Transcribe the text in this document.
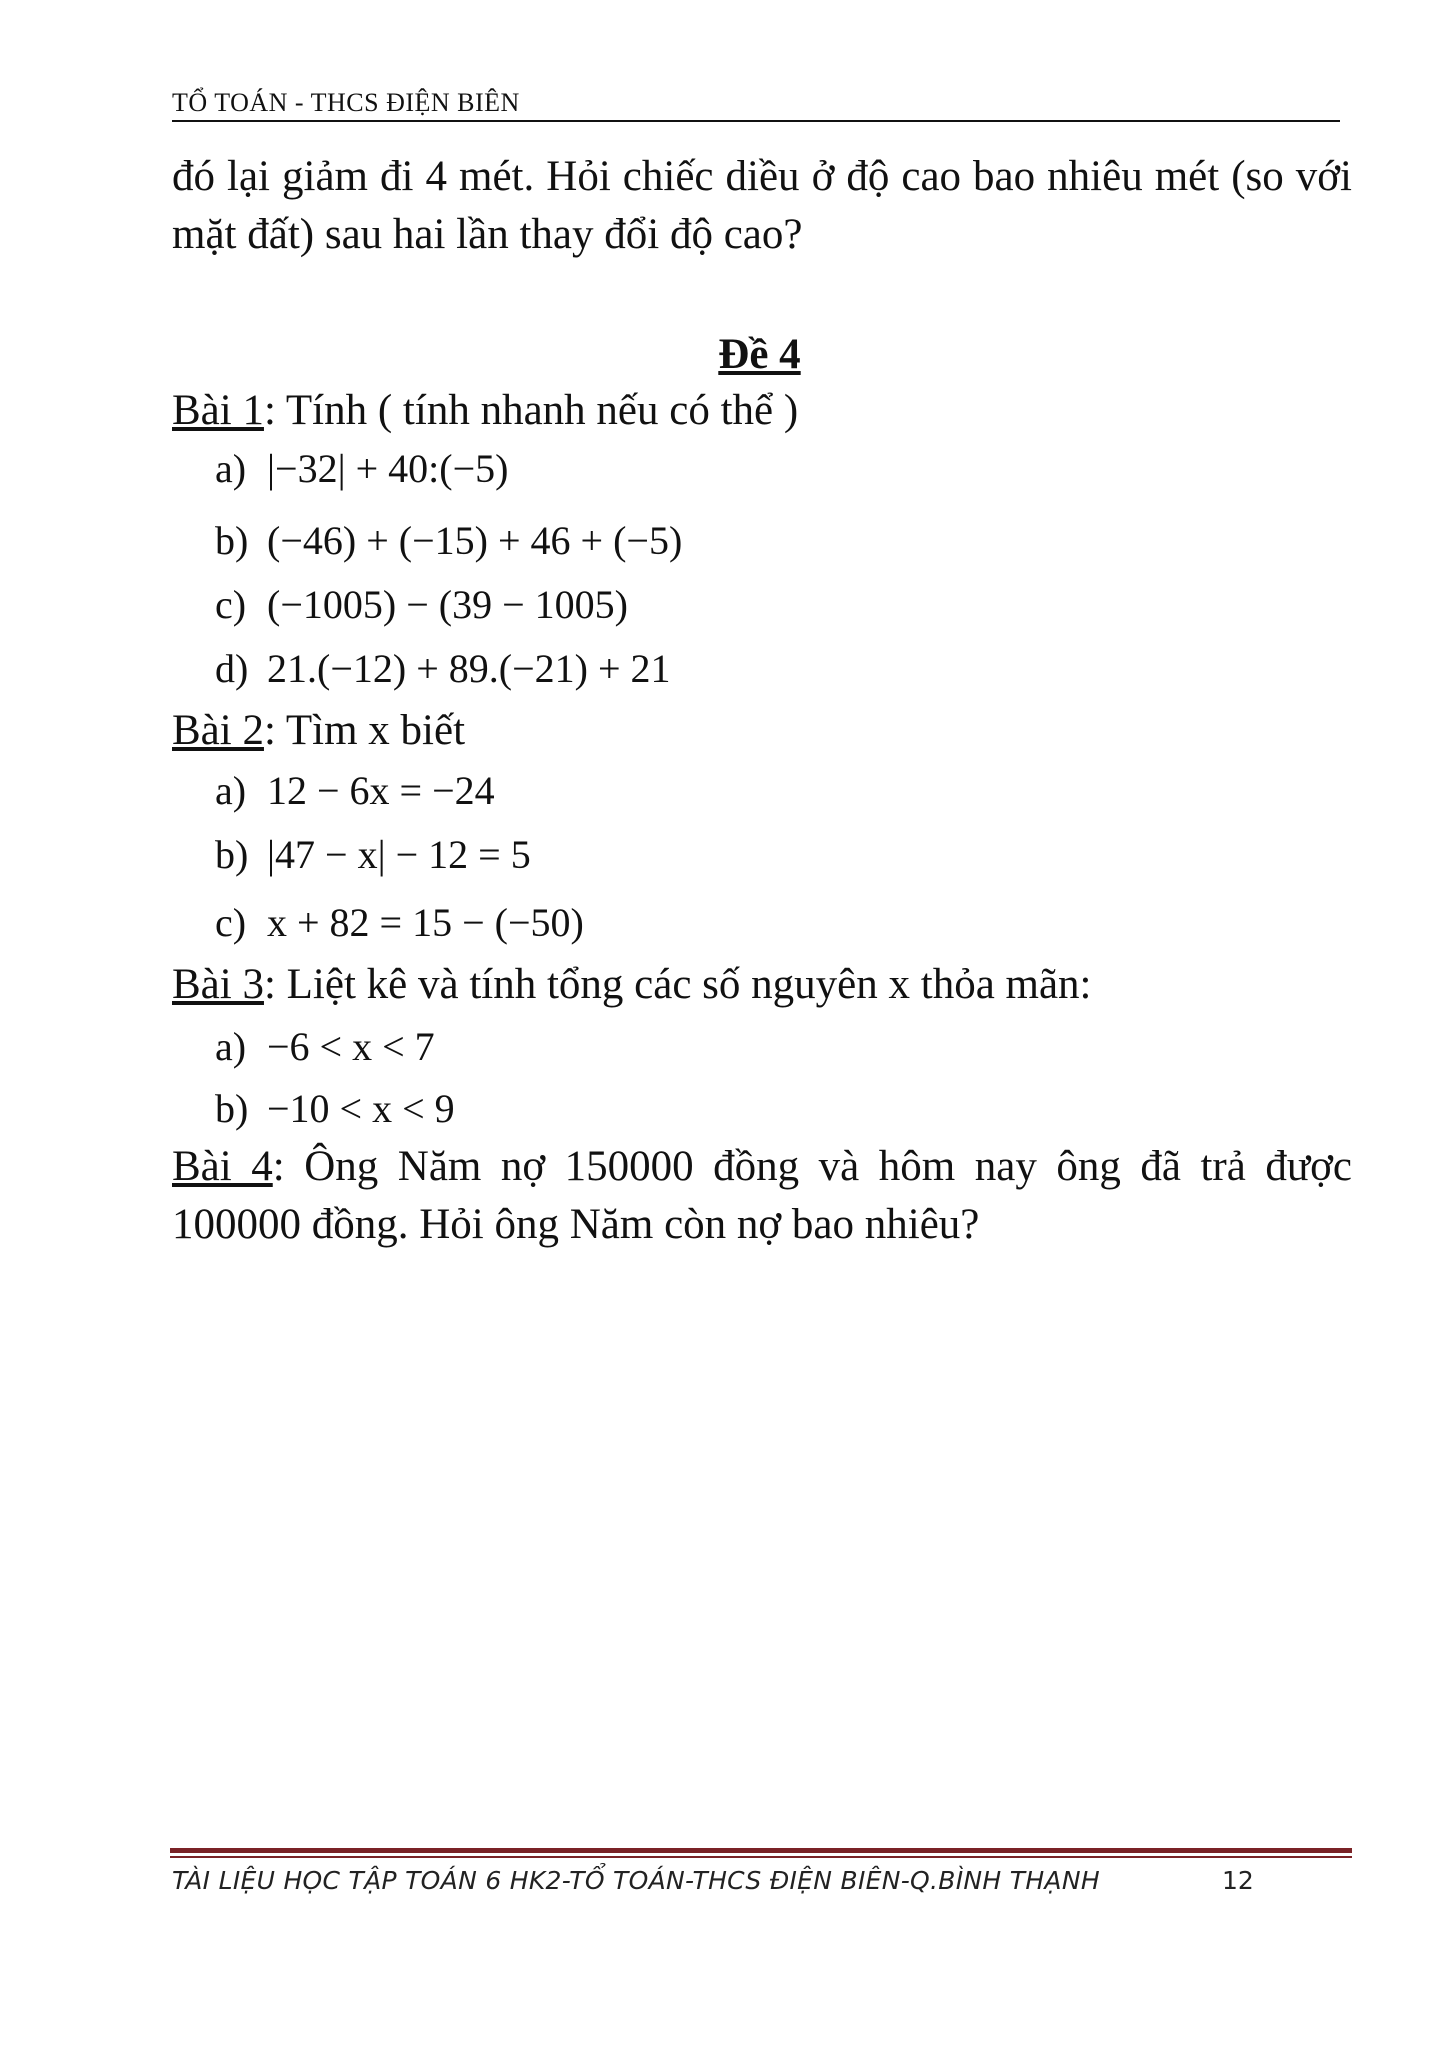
TỔ TOÁN - THCS ĐIỆN BIÊN
đó lại giảm đi 4 mét. Hỏi chiếc diều ở độ cao bao nhiêu mét (so với mặt đất) sau hai lần thay đổi độ cao?
Đề 4
Bài 1: Tính ( tính nhanh nếu có thể )
a) |−32| + 40:(−5)
b) (−46) + (−15) + 46 + (−5)
c) (−1005) − (39 − 1005)
d) 21.(−12) + 89.(−21) + 21
Bài 2: Tìm x biết
a) 12 − 6x = −24
b) |47 − x| − 12 = 5
c) x + 82 = 15 − (−50)
Bài 3: Liệt kê và tính tổng các số nguyên x thỏa mãn:
a) −6 < x < 7
b) −10 < x < 9
Bài 4: Ông Năm nợ 150000 đồng và hôm nay ông đã trả được 100000 đồng. Hỏi ông Năm còn nợ bao nhiêu?
TÀI LIỆU HỌC TẬP TOÁN 6 HK2-TỔ TOÁN-THCS ĐIỆN BIÊN-Q.BÌNH THẠNH	12
